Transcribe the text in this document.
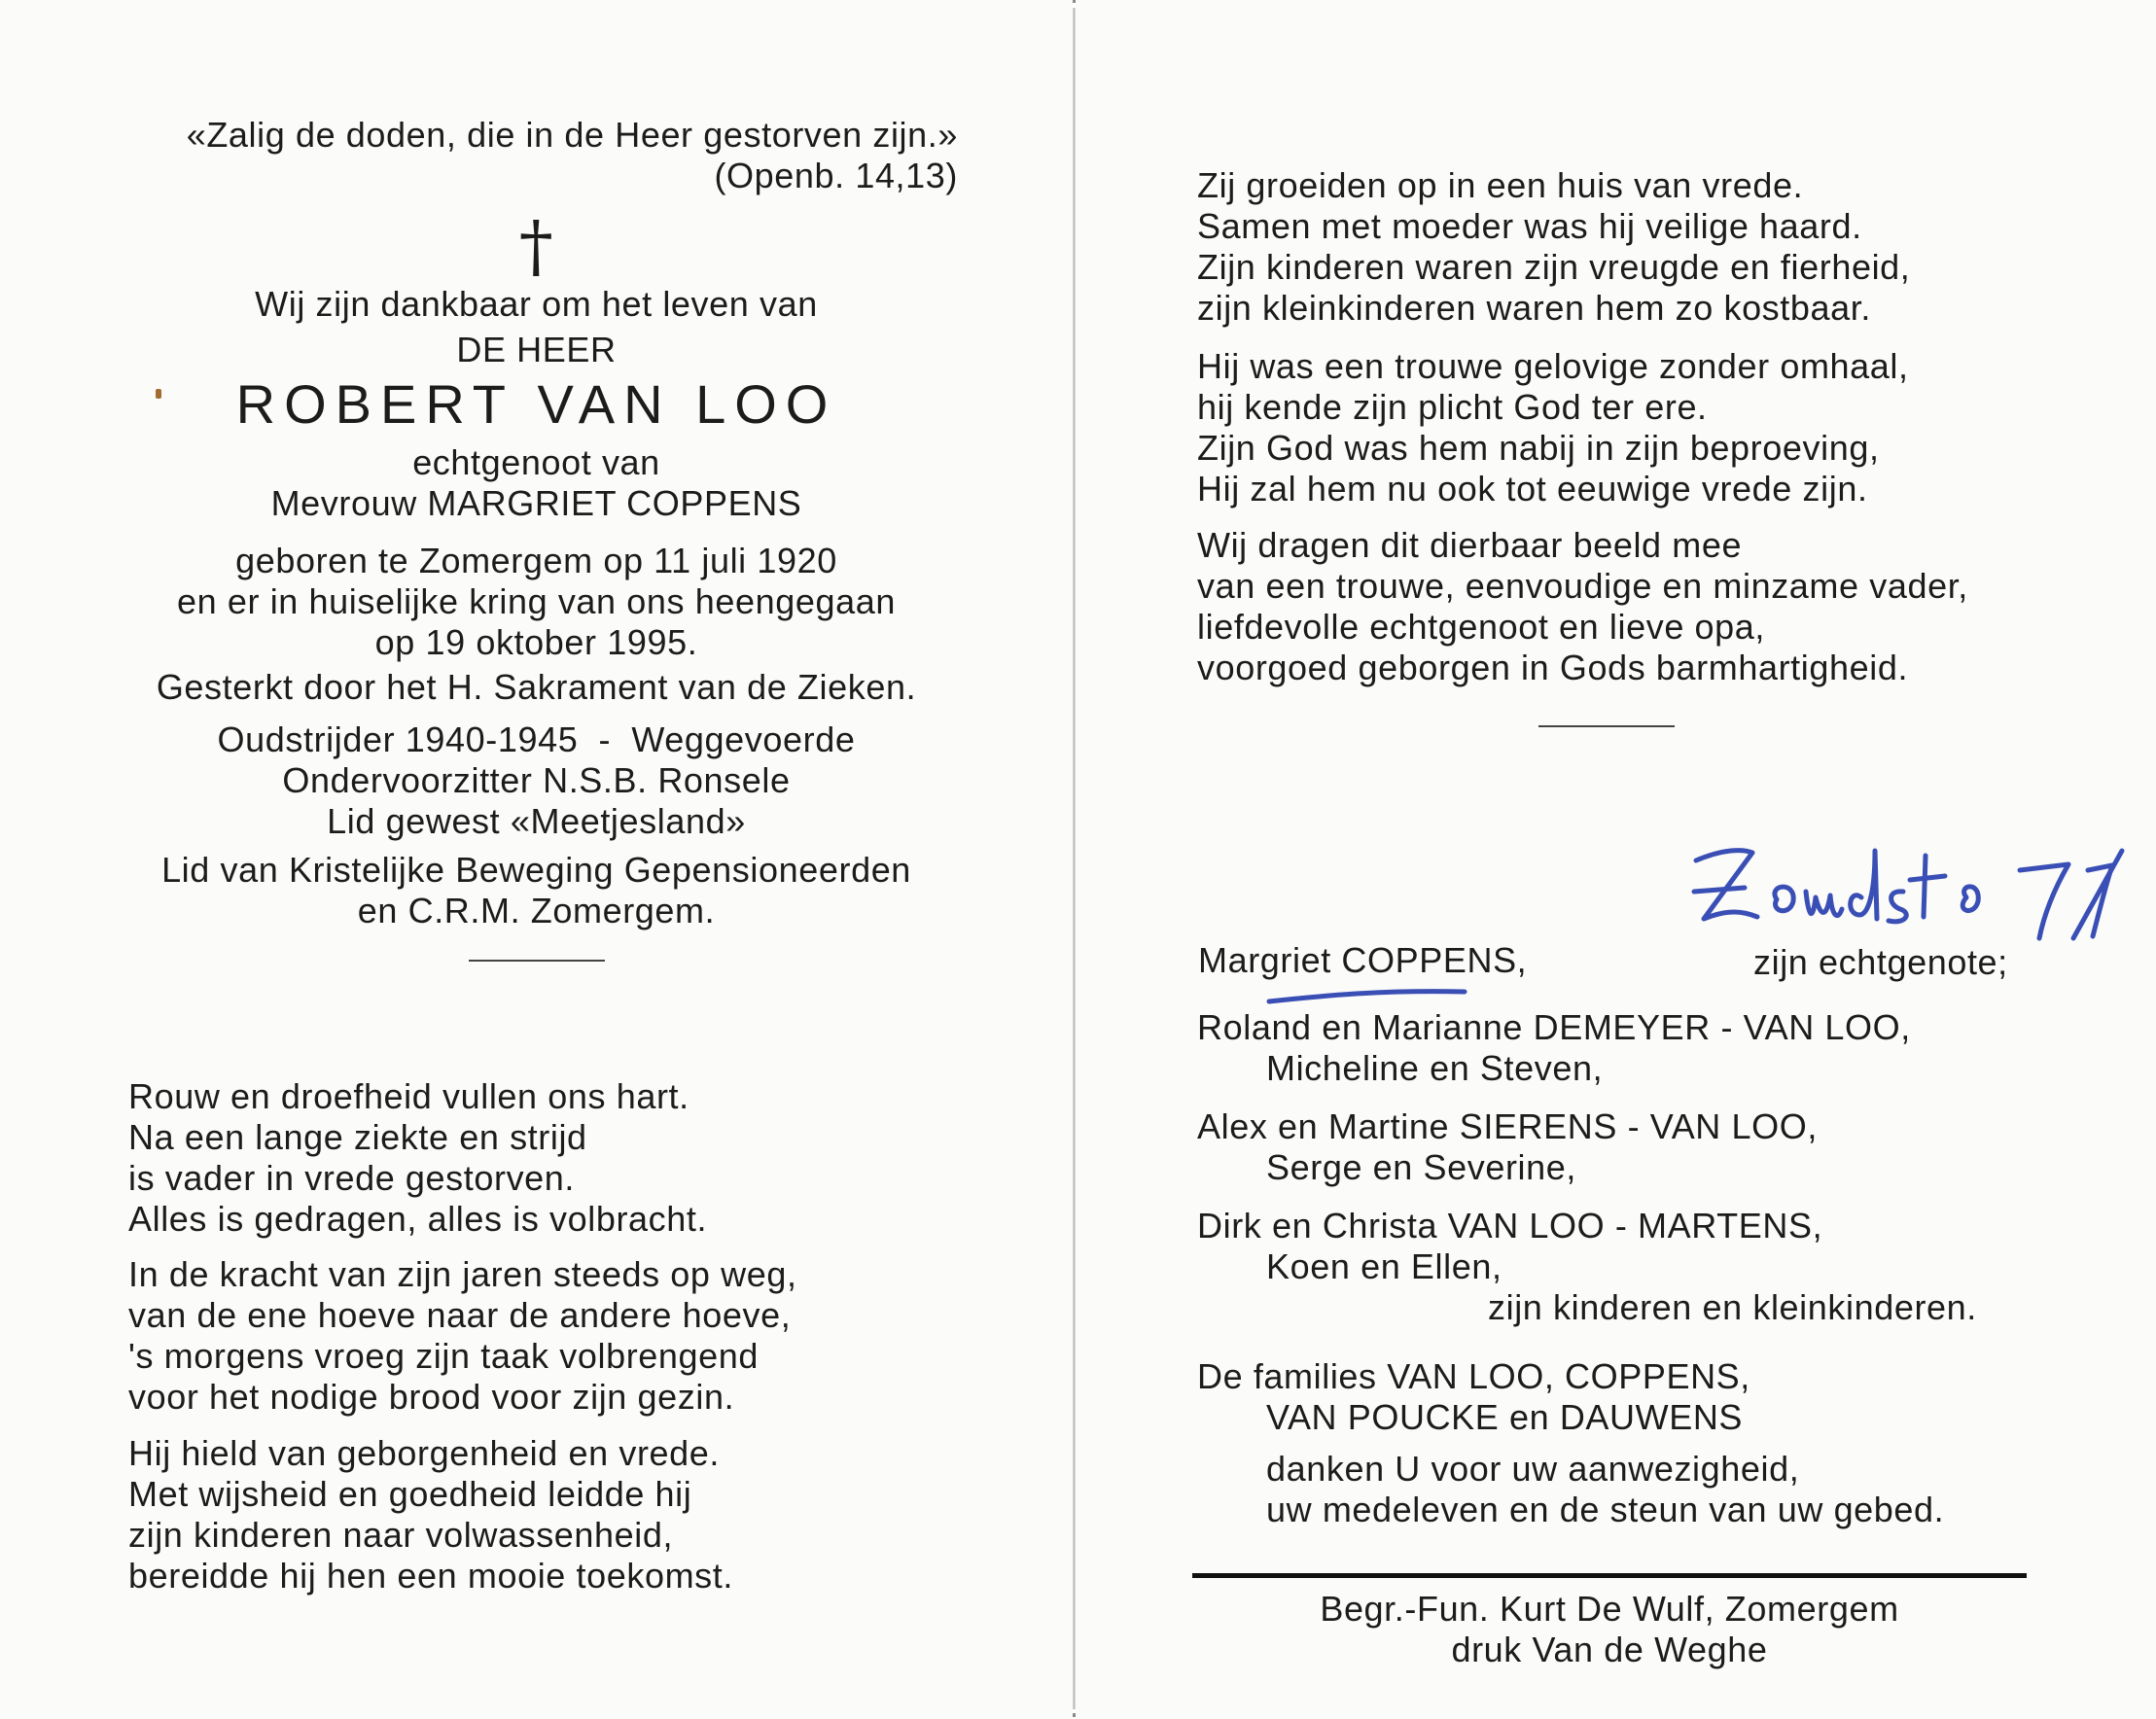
«Zalig de doden, die in de Heer gestorven zijn.»
(Openb. 14,13)
†
Wij zijn dankbaar om het leven van
DE HEER
ROBERT VAN LOO
echtgenoot van
Mevrouw MARGRIET COPPENS
geboren te Zomergem op 11 juli 1920
en er in huiselijke kring van ons heengegaan
op 19 oktober 1995.
Gesterkt door het H. Sakrament van de Zieken.
Oudstrijder 1940-1945  -  Weggevoerde
Ondervoorzitter N.S.B. Ronsele
Lid gewest «Meetjesland»
Lid van Kristelijke Beweging Gepensioneerden
en C.R.M. Zomergem.
Rouw en droefheid vullen ons hart.
Na een lange ziekte en strijd
is vader in vrede gestorven.
Alles is gedragen, alles is volbracht.
In de kracht van zijn jaren steeds op weg,
van de ene hoeve naar de andere hoeve,
's morgens vroeg zijn taak volbrengend
voor het nodige brood voor zijn gezin.
Hij hield van geborgenheid en vrede.
Met wijsheid en goedheid leidde hij
zijn kinderen naar volwassenheid,
bereidde hij hen een mooie toekomst.
Zij groeiden op in een huis van vrede.
Samen met moeder was hij veilige haard.
Zijn kinderen waren zijn vreugde en fierheid,
zijn kleinkinderen waren hem zo kostbaar.
Hij was een trouwe gelovige zonder omhaal,
hij kende zijn plicht God ter ere.
Zijn God was hem nabij in zijn beproeving,
Hij zal hem nu ook tot eeuwige vrede zijn.
Wij dragen dit dierbaar beeld mee
van een trouwe, eenvoudige en minzame vader,
liefdevolle echtgenoot en lieve opa,
voorgoed geborgen in Gods barmhartigheid.
Margriet COPPENS,	zijn echtgenote;
Roland en Marianne DEMEYER - VAN LOO,
Micheline en Steven,
Alex en Martine SIERENS - VAN LOO,
Serge en Severine,
Dirk en Christa VAN LOO - MARTENS,
Koen en Ellen,
zijn kinderen en kleinkinderen.
De families VAN LOO, COPPENS,
VAN POUCKE en DAUWENS
danken U voor uw aanwezigheid,
uw medeleven en de steun van uw gebed.
Begr.-Fun. Kurt De Wulf, Zomergem
druk Van de Weghe
